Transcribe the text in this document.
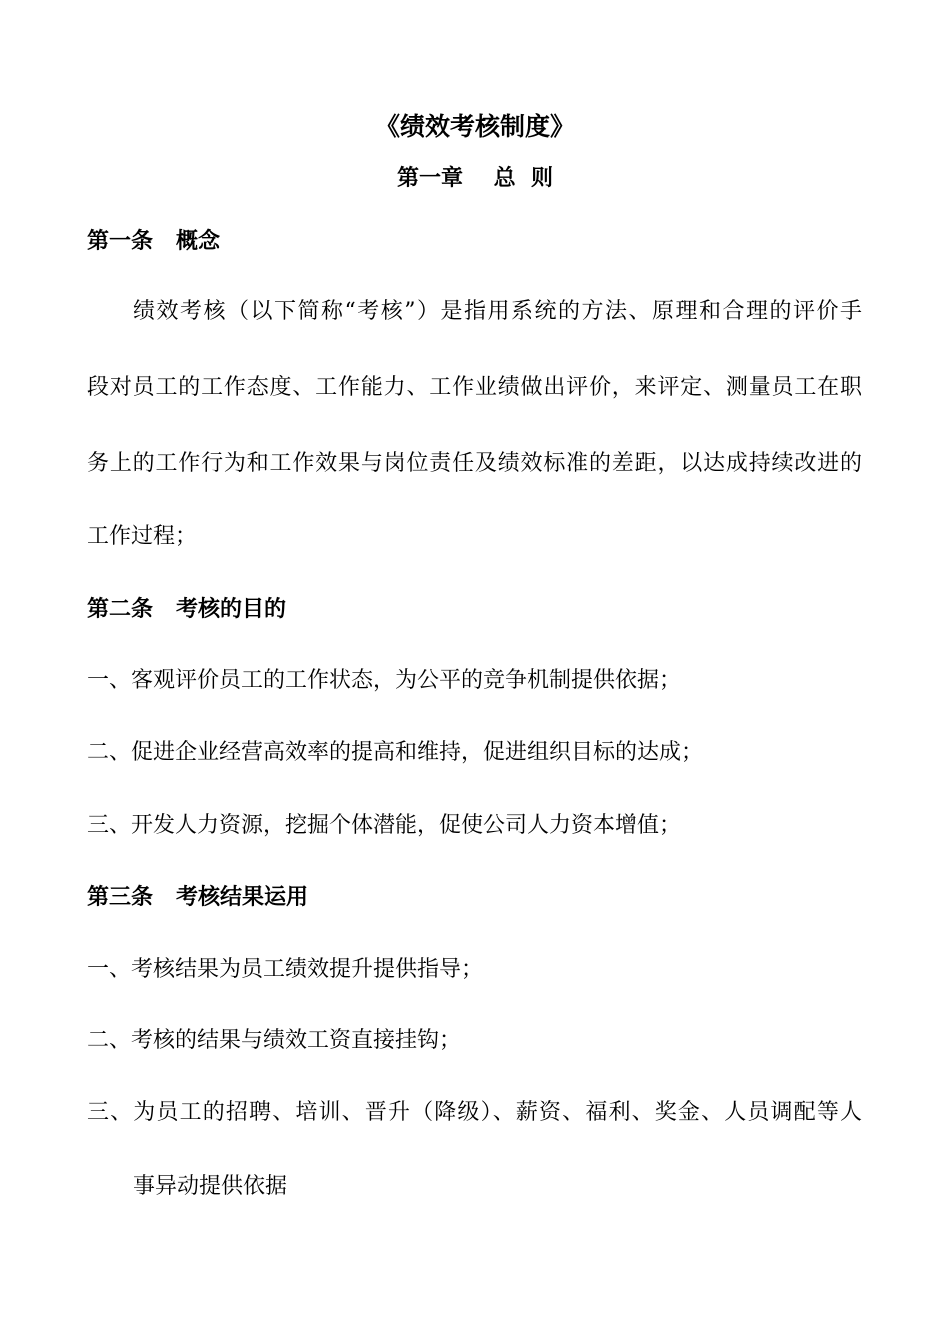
《绩效考核制度》
第一章    总  则
第一条   概念
绩效考核（以下简称“考核”）是指用系统的方法、原理和合理的评价手
段对员工的工作态度、工作能力、工作业绩做出评价，来评定、测量员工在职
务上的工作行为和工作效果与岗位责任及绩效标准的差距，以达成持续改进的
工作过程；
第二条   考核的目的
一、客观评价员工的工作状态，为公平的竞争机制提供依据；
二、促进企业经营高效率的提高和维持，促进组织目标的达成；
三、开发人力资源，挖掘个体潜能，促使公司人力资本增值；
第三条   考核结果运用
一、考核结果为员工绩效提升提供指导；
二、考核的结果与绩效工资直接挂钩；
三、为员工的招聘、培训、晋升（降级）、薪资、福利、奖金、人员调配等人
事异动提供依据
